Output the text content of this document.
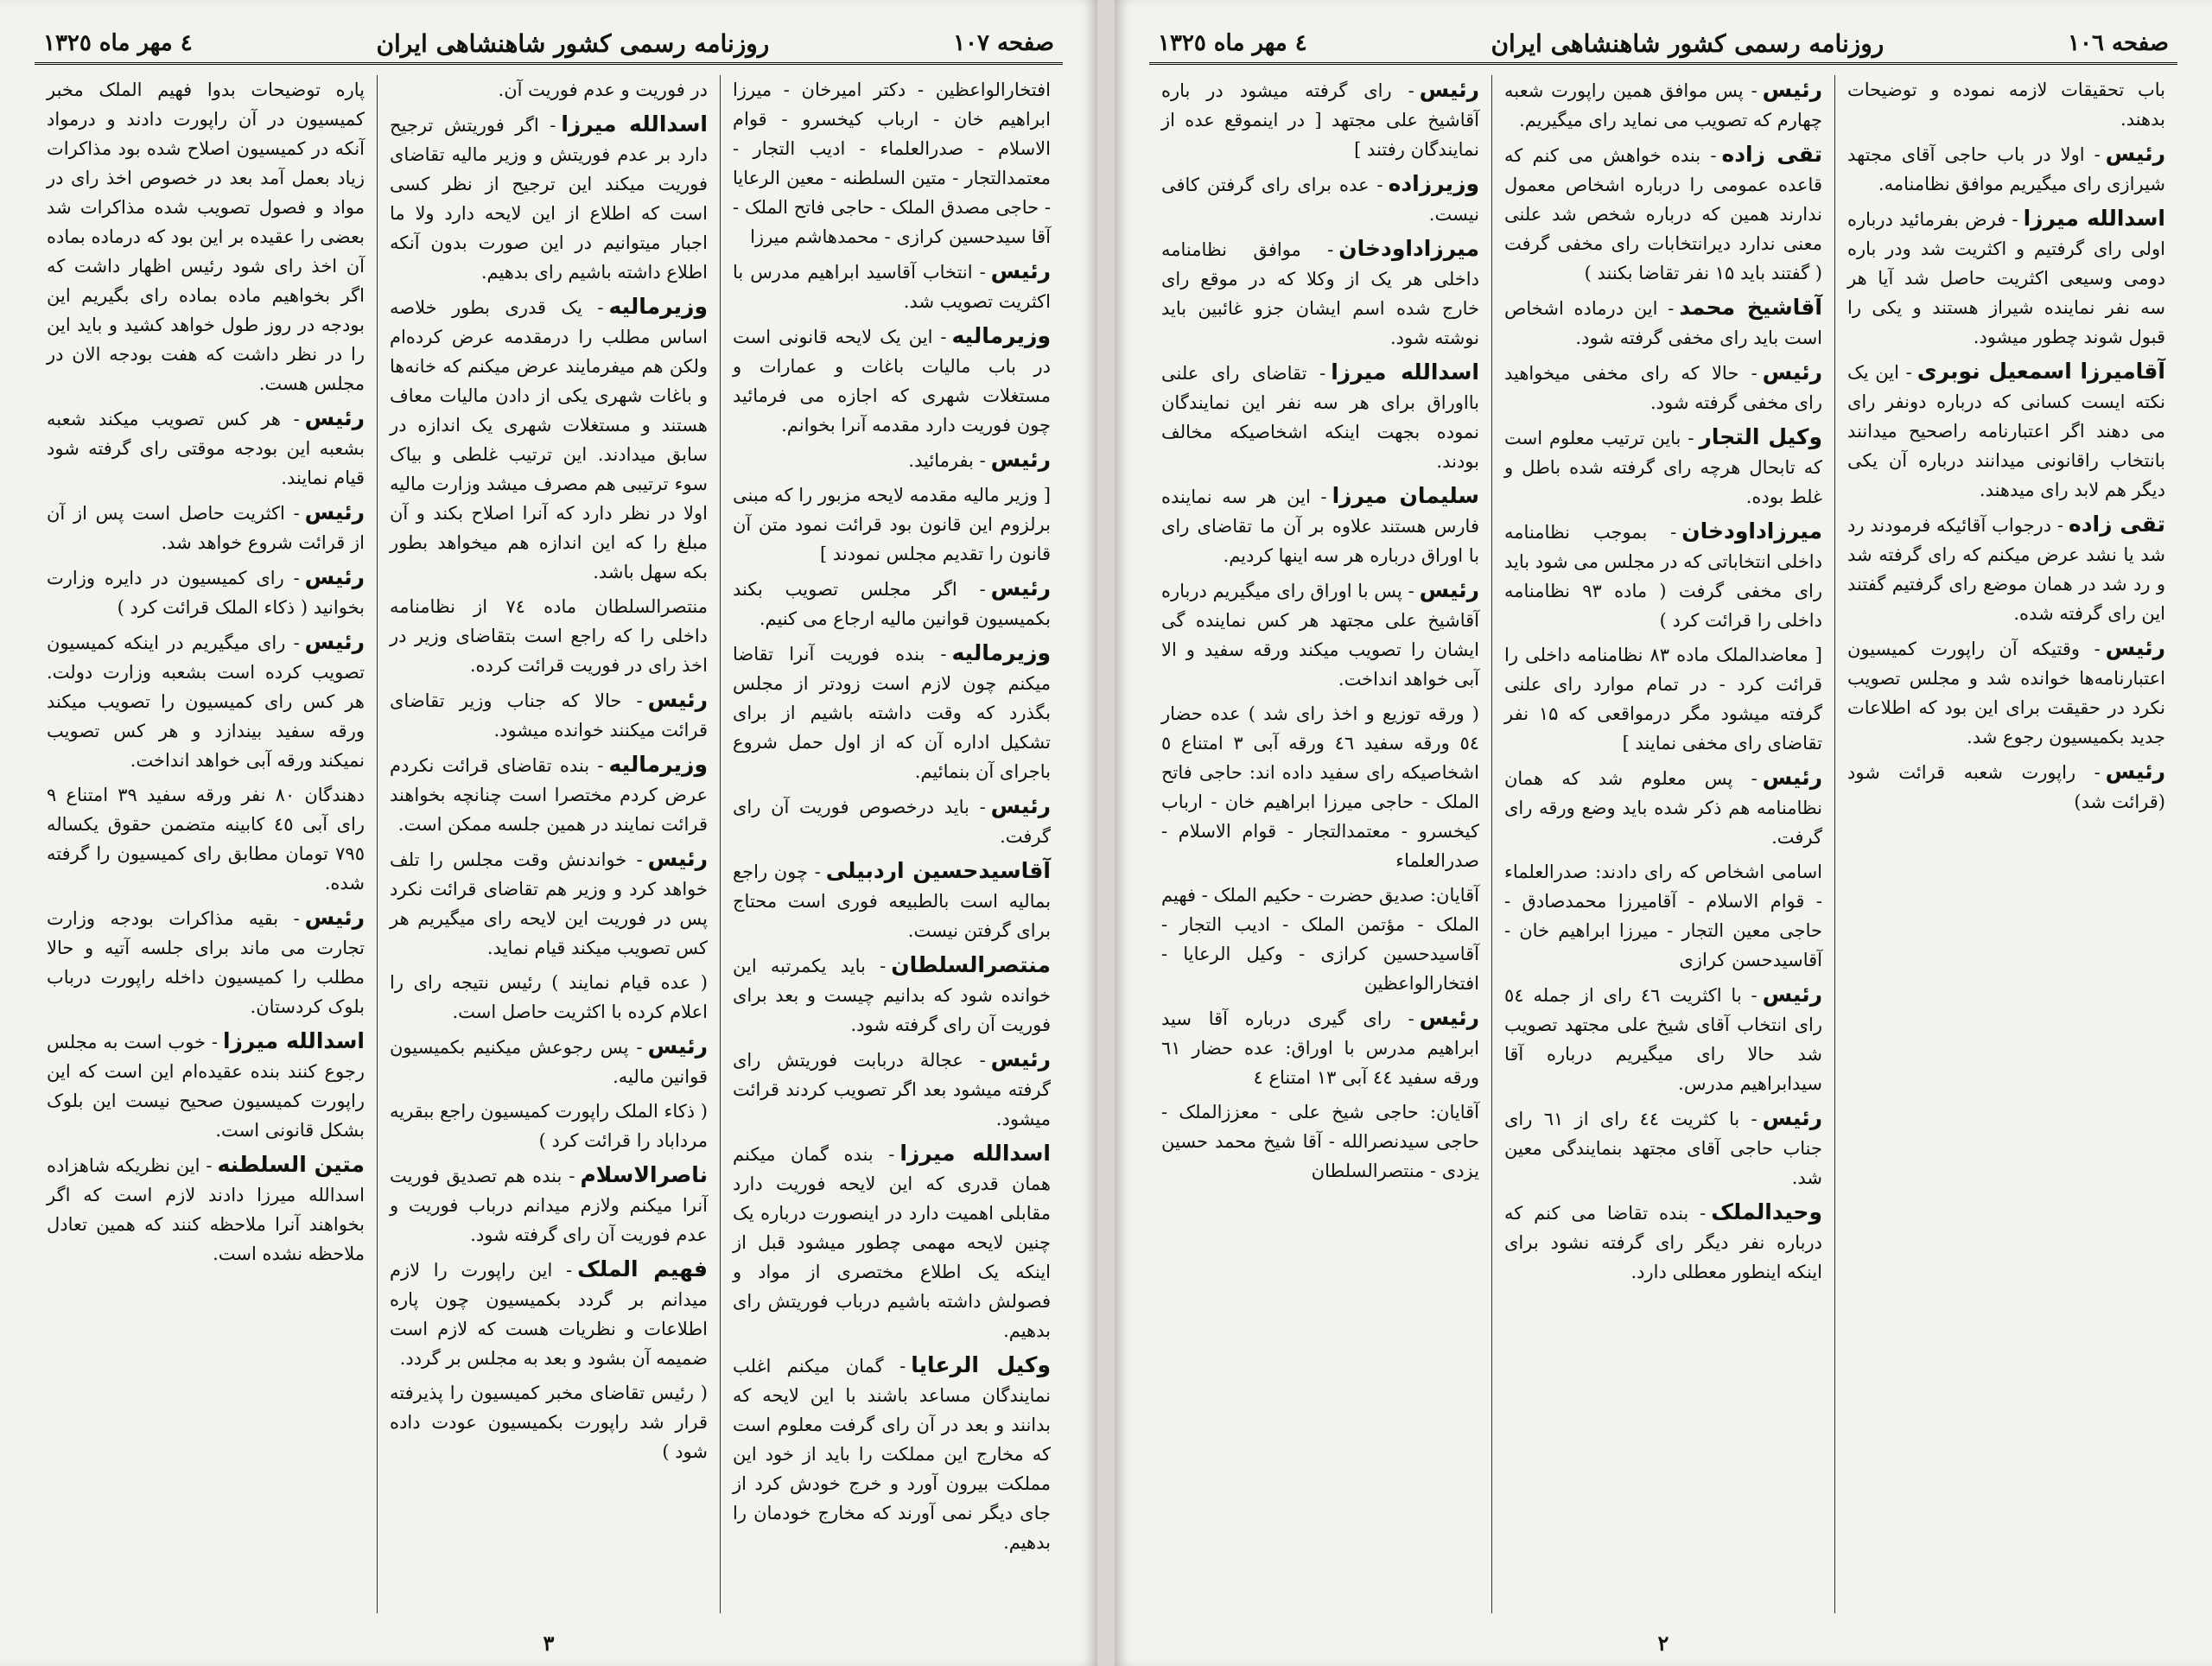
٤ مهر ماه ١٣٢٥	روزنامه رسمی کشور شاهنشاهی ایران	صفحه ۱۰۷

افتخارالواعظین - دکتر امیرخان - میرزا ابراهیم خان - ارباب کیخسرو - قوام الاسلام - صدرالعلماء - ادیب التجار - معتمدالتجار - متین السلطنه - معین الرعایا - حاجی مصدق الملک - حاجی فاتح الملک - آقا سیدحسین کرازی - محمدهاشم میرزا

رئیس- انتخاب آقاسید ابراهیم مدرس با اکثریت تصویب شد.

وزیرمالیه- این یک لایحه قانونی است در باب مالیات باغات و عمارات و مستغلات شهری که اجازه می فرمائید چون فوریت دارد مقدمه آنرا بخوانم.

رئیس- بفرمائید.

[ وزیر مالیه مقدمه لایحه مزبور را که مبنی برلزوم این قانون بود قرائت نمود متن آن قانون را تقدیم مجلس نمودند ]

رئیس- اگر مجلس تصویب بکند بکمیسیون قوانین مالیه ارجاع می کنیم.

وزیرمالیه- بنده فوریت آنرا تقاضا میکنم چون لازم است زودتر از مجلس بگذرد که وقت داشته باشیم از برای تشکیل اداره آن که از اول حمل شروع باجرای آن بنمائیم.

رئیس- باید درخصوص فوریت آن رای گرفت.

آقاسیدحسین اردبیلی- چون راجع بمالیه است بالطبیعه فوری است محتاج برای گرفتن نیست.

منتصرالسلطان- باید یکمرتبه این خوانده شود که بدانیم چیست و بعد برای فوریت آن رای گرفته شود.

رئیس- عجالة دربابت فوریتش رای گرفته میشود بعد اگر تصویب کردند قرائت میشود.

اسدالله میرزا- بنده گمان میکنم همان قدری که این لایحه فوریت دارد مقابلی اهمیت دارد در اینصورت درباره یک چنین لایحه مهمی چطور میشود قبل از اینکه یک اطلاع مختصری از مواد و فصولش داشته باشیم درباب فوریتش رای بدهیم.

وکیل الرعایا- گمان میکنم اغلب نمایندگان مساعد باشند با این لایحه که بدانند و بعد در آن رای گرفت معلوم است که مخارج این مملکت را باید از خود این مملکت بیرون آورد و خرج خودش کرد از جای دیگر نمی آورند که مخارج خودمان را بدهیم.

در فوریت و عدم فوریت آن.

اسدالله میرزا- اگر فوریتش ترجیح دارد بر عدم فوریتش و وزیر مالیه تقاضای فوریت میکند این ترجیح از نظر کسی است که اطلاع از این لایحه دارد ولا ما اجبار میتوانیم در این صورت بدون آنکه اطلاع داشته باشیم رای بدهیم.

وزیرمالیه- یک قدری بطور خلاصه اساس مطلب را درمقدمه عرض کرده‌ام ولکن هم میفرمایند عرض میکنم که خانه‌ها و باغات شهری یکی از دادن مالیات معاف هستند و مستغلات شهری یک اندازه در سابق میدادند. این ترتیب غلطی و بیاک سوء ترتیبی هم مصرف میشد وزارت مالیه اولا در نظر دارد که آنرا اصلاح بکند و آن مبلغ را که این اندازه هم میخواهد بطور بکه سهل باشد.

منتصرالسلطان ماده ۷٤ از نظامنامه داخلی را که راجع است بتقاضای وزیر در اخذ رای در فوریت قرائت کرده.

رئیس- حالا که جناب وزیر تقاضای قرائت میکنند خوانده میشود.

وزیرمالیه- بنده تقاضای قرائت نکردم عرض کردم مختصرا است چنانچه بخواهند قرائت نمایند در همین جلسه ممکن است.

رئیس- خواندنش وقت مجلس را تلف خواهد کرد و وزیر هم تقاضای قرائت نکرد پس در فوریت این لایحه رای میگیریم هر کس تصویب میکند قیام نماید.

( عده قیام نمایند ) رئیس نتیجه رای را اعلام کرده با اکثریت حاصل است.

رئیس- پس رجوعش میکنیم بکمیسیون قوانین مالیه.

( ذکاء الملک راپورت کمیسیون راجع ببقریه مرداباد را قرائت کرد )

ناصرالاسلام- بنده هم تصدیق فوریت آنرا میکنم ولازم میدانم درباب فوریت و عدم فوریت آن رای گرفته شود.

فهیم الملک- این راپورت را لازم میدانم بر گردد بکمیسیون چون پاره اطلاعات و نظریات هست که لازم است ضمیمه آن بشود و بعد به مجلس بر گردد.

( رئیس تقاضای مخبر کمیسیون را پذیرفته قرار شد راپورت بکمیسیون عودت داده شود )

پاره توضیحات بدوا فهیم الملک مخبر کمیسیون در آن راپورت دادند و درمواد آنکه در کمیسیون اصلاح شده بود مذاکرات زیاد بعمل آمد بعد در خصوص اخذ رای در مواد و فصول تصویب شده مذاکرات شد بعضی را عقیده بر این بود که درماده بماده آن اخذ رای شود رئیس اظهار داشت که اگر بخواهیم ماده بماده رای بگیریم این بودجه در روز طول خواهد کشید و باید این را در نظر داشت که هفت بودجه الان در مجلس هست.

رئیس- هر کس تصویب میکند شعبه بشعبه این بودجه موقتی رای گرفته شود قیام نمایند.

رئیس- اکثریت حاصل است پس از آن از قرائت شروع خواهد شد.

رئیس- رای کمیسیون در دایره وزارت بخوانید ( ذکاء الملک قرائت کرد )

رئیس- رای میگیریم در اینکه کمیسیون تصویب کرده است بشعبه وزارت دولت. هر کس رای کمیسیون را تصویب میکند ورقه سفید بیندازد و هر کس تصویب نمیکند ورقه آبی خواهد انداخت.

دهندگان ٨٠ نفر ورقه سفید ٣٩ امتناع ٩ رای آبی ٤٥ کابینه متضمن حقوق یکساله ٧٩٥ تومان مطابق رای کمیسیون را گرفته شده.

رئیس- بقیه مذاکرات بودجه وزارت تجارت می ماند برای جلسه آتیه و حالا مطلب را کمیسیون داخله راپورت درباب بلوک کردستان.

اسدالله میرزا- خوب است به مجلس رجوع کنند بنده عقیده‌ام این است که این راپورت کمیسیون صحیح نیست این بلوک بشکل قانونی است.

متین السلطنه- این نظریکه شاهزاده اسدالله میرزا دادند لازم است که اگر بخواهند آنرا ملاحظه کنند که همین تعادل ملاحظه نشده است.

۳
٤ مهر ماه ١٣٢٥	روزنامه رسمی کشور شاهنشاهی ایران	صفحه ۱۰٦

باب تحقیقات لازمه نموده و توضیحات بدهند.

رئیس- اولا در باب حاجی آقای مجتهد شیرازی رای میگیریم موافق نظامنامه.

اسدالله میرزا- فرض بفرمائید درباره اولی رای گرفتیم و اکثریت شد ودر باره دومی وسیعی اکثریت حاصل شد آیا هر سه نفر نماینده شیراز هستند و یکی را قبول شوند چطور میشود.

آقامیرزا اسمعیل نوبری- این یک نکته ایست کسانی که درباره دونفر رای می دهند اگر اعتبارنامه راصحیح میدانند بانتخاب راقانونی میدانند درباره آن یکی دیگر هم لابد رای میدهند.

تقی زاده- درجواب آقائیکه فرمودند رد شد یا نشد عرض میکنم که رای گرفته شد و رد شد در همان موضع رای گرفتیم گفتند این رای گرفته شده.

رئیس- وقتیکه آن راپورت کمیسیون اعتبارنامه‌ها خوانده شد و مجلس تصویب نکرد در حقیقت برای این بود که اطلاعات جدید بکمیسیون رجوع شد.

رئیس- راپورت شعبه قرائت شود (قرائت شد)

رئیس- پس موافق همین راپورت شعبه چهارم که تصویب می نماید رای میگیریم.

تقی زاده- بنده خواهش می کنم که قاعده عمومی را درباره اشخاص معمول ندارند همین که درباره شخص شد علنی معنی ندارد دیرانتخابات رای مخفی گرفت ( گفتند باید ۱۵ نفر تقاضا بکنند )

آقاشیخ محمد- این درماده اشخاص است باید رای مخفی گرفته شود.

رئیس- حالا که رای مخفی میخواهید رای مخفی گرفته شود.

وکیل التجار- باین ترتیب معلوم است که تابحال هرچه رای گرفته شده باطل و غلط بوده.

میرزاداودخان- بموجب نظامنامه داخلی انتخاباتی که در مجلس می شود باید رای مخفی گرفت ( ماده ۹۳ نظامنامه داخلی را قرائت کرد )

[ معاضدالملک ماده ۸۳ نظامنامه داخلی را قرائت کرد - در تمام موارد رای علنی گرفته میشود مگر درمواقعی که ۱۵ نفر تقاضای رای مخفی نمایند ]

رئیس- پس معلوم شد که همان نظامنامه هم ذکر شده باید وضع ورقه رای گرفت.

اسامی اشخاص که رای دادند: صدرالعلماء - قوام الاسلام - آقامیرزا محمدصادق - حاجی معین التجار - میرزا ابراهیم خان - آقاسیدحسن کرازی

رئیس- با اکثریت ٤٦ رای از جمله ٥٤ رای انتخاب آقای شیخ علی مجتهد تصویب شد حالا رای میگیریم درباره آقا سیدابراهیم مدرس.

رئیس- با کثریت ٤٤ رای از ٦١ رای جناب حاجی آقای مجتهد بنمایندگی معین شد.

وحیدالملک- بنده تقاضا می کنم که درباره نفر دیگر رای گرفته نشود برای اینکه اینطور معطلی دارد.

رئیس- رای گرفته میشود در باره آقاشیخ علی مجتهد [ در اینموقع عده از نمایندگان رفتند ]

وزیرزاده- عده برای رای گرفتن کافی نیست.

میرزاداودخان- موافق نظامنامه داخلی هر یک از وکلا که در موقع رای خارج شده اسم ایشان جزو غائبین باید نوشته شود.

اسدالله میرزا- تقاضای رای علنی بااوراق برای هر سه نفر این نمایندگان نموده بجهت اینکه اشخاصیکه مخالف بودند.

سلیمان میرزا- این هر سه نماینده فارس هستند علاوه بر آن ما تقاضای رای با اوراق درباره هر سه اینها کردیم.

رئیس- پس با اوراق رای میگیریم درباره آقاشیخ علی مجتهد هر کس نماینده گی ایشان را تصویب میکند ورقه سفید و الا آبی خواهد انداخت.

( ورقه توزیع و اخذ رای شد ) عده حضار ٥٤ ورقه سفید ٤٦ ورقه آبی ٣ امتناع ٥ اشخاصیکه رای سفید داده اند: حاجی فاتح الملک - حاجی میرزا ابراهیم خان - ارباب کیخسرو - معتمدالتجار - قوام الاسلام - صدرالعلماء

آقایان: صدیق حضرت - حکیم الملک - فهیم الملک - مؤتمن الملک - ادیب التجار - آقاسیدحسین کرازی - وکیل الرعایا - افتخارالواعظین

رئیس- رای گیری درباره آقا سید ابراهیم مدرس با اوراق: عده حضار ٦١ ورقه سفید ٤٤ آبی ١٣ امتناع ٤

آقایان: حاجی شیخ علی - معززالملک - حاجی سیدنصرالله - آقا شیخ محمد حسین یزدی - منتصرالسلطان

۲
